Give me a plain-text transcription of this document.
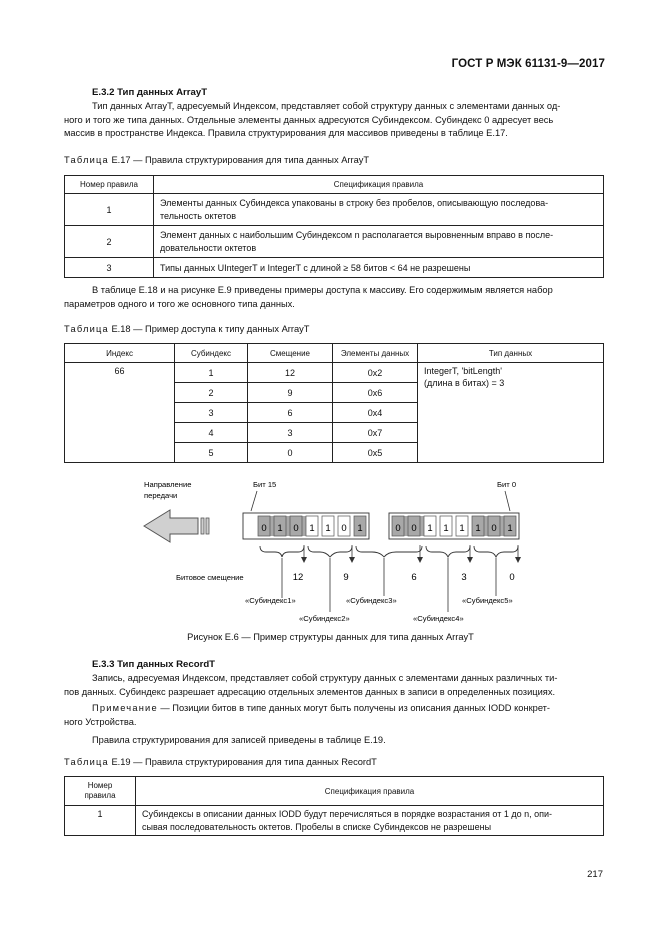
ГОСТ Р МЭК 61131-9—2017
E.3.2 Тип данных ArrayT
Тип данных ArrayT, адресуемый Индексом, представляет собой структуру данных с элементами данных од-
ного и того же типа данных. Отдельные элементы данных адресуются Субиндексом. Субиндекс 0 адресует весь
массив в пространстве Индекса. Правила структурирования для массивов приведены в таблице E.17.
Таблица E.17 — Правила структурирования для типа данных ArrayT
Номер правила	Спецификация правила
1	Элементы данных Субиндекса упакованы в строку без пробелов, описывающую последова-
тельность октетов

2	Элемент данных с наибольшим Субиндексом n располагается выровненным вправо в после-
довательности октетов

3	Типы данных UIntegerT и IntegerT с длиной ≥ 58 битов < 64 не разрешены
В таблице E.18 и на рисунке E.9 приведены примеры доступа к массиву. Его содержимым является набор
параметров одного и того же основного типа данных.
Таблица E.18 — Пример доступа к типу данных ArrayT
Индекс	Субиндекс	Смещение	Элементы данных	Тип данных
66	1	12	0x2	IntegerT, 'bitLength'
(длина в битах) = 3

	2	9	0x6	
	3	6	0x4	
	4	3	0x7	
	5	0	0x5	
Направление
передачи
Бит 15	Бит 0
0 1 0 1 1 0 1	0 0 1 1 1 1 0 1
Битовое смещение	12	9	6	3	0
«Субиндекс1»
«Субиндекс2»
«Субиндекс3»
«Субиндекс4»
«Субиндекс5»
Рисунок E.6 — Пример структуры данных для типа данных ArrayT
E.3.3 Тип данных RecordT
Запись, адресуемая Индексом, представляет собой структуру данных с элементами данных различных ти-
пов данных. Субиндекс разрешает адресацию отдельных элементов данных в записи в определенных позициях.
Примечание — Позиции битов в типе данных могут быть получены из описания данных IODD конкрет-
ного Устройства.
Правила структурирования для записей приведены в таблице E.19.
Таблица E.19 — Правила структурирования для типа данных RecordT
Номер
правила	Спецификация правила
1	Субиндексы в описании данных IODD будут перечисляться в порядке возрастания от 1 до n, опи-
сывая последовательность октетов. Пробелы в списке Субиндексов не разрешены
217
